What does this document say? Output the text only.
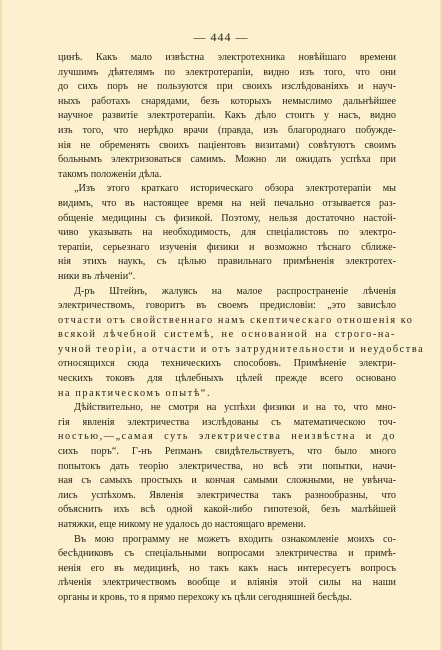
— 444 —
цинѣ. Какъ мало извѣстна электротехника новѣйшаго времени
лучшимъ дѣятелямъ по электротерапіи, видно изъ того, что они
до сихъ поръ не пользуются при своихъ изслѣдованіяхъ и науч-
ныхъ работахъ снарядами, безъ которыхъ немыслимо дальнѣйшее
научное развитіе электротерапіи. Какъ дѣло стоитъ у насъ, видно
изъ того, что нерѣдко врачи (правда, изъ благороднаго побужде-
нія не обременять своихъ паціентовъ визитами) совѣтуютъ своимъ
больнымъ электризоваться самимъ. Можно ли ожидать успѣха при
такомъ положеніи дѣла.
„Изъ этого краткаго историческаго обзора электротерапіи мы
видимъ, что въ настоящее время на ней печально отзывается раз-
общеніе медицины съ физикой. Поэтому, нельзя достаточно настой-
чиво указывать на необходимость, для спеціалистовъ по электро-
терапіи, серьезнаго изученія физики и возможно тѣснаго сближе-
нія этихъ наукъ, съ цѣлью правильнаго примѣненія электротех-
ники въ лѣченіи“.
Д-ръ Штейнъ, жалуясь на малое распространеніе лѣченія
электричествомъ, говоритъ въ своемъ предисловіи: „это зависѣло
отчасти отъ свойственнаго намъ скептическаго отношенія ко
всякой лѣчебной системѣ, не основанной на строго-на-
учной теоріи, а отчасти и отъ затруднительности и неудобства
относящихся сюда техническихъ способовъ. Примѣненіе электри-
ческихъ токовъ для цѣлебныхъ цѣлей прежде всего основано
на практическомъ опытѣ“.
Дѣйствительно, не смотря на успѣхи физики и на то, что мно-
гія явленія электричества изслѣдованы съ математическою точ-
ностью,—„самая суть электричества неизвѣстна и до
сихъ поръ“. Г-нъ Репманъ свидѣтельствуетъ, что было много
попытокъ дать теорію электричества, но всѣ эти попытки, начи-
ная съ самыхъ простыхъ и кончая самыми сложными, не увѣнча-
лись успѣхомъ. Явленія электричества такъ разнообразны, что
объяснить ихъ всѣ одной какой-либо гипотезой, безъ малѣйшей
натяжки, еще никому не удалось до настоящаго времени.
Въ мою программу не можетъ входить ознакомленіе моихъ со-
бесѣдниковъ съ спеціальными вопросами электричества и примѣ-
ненія его въ медицинѣ, но такъ какъ насъ интересуетъ вопросъ
лѣченія электричествомъ вообще и вліянія этой силы на наши
органы и кровь, то я прямо перехожу къ цѣли сегодняшней бесѣды.
